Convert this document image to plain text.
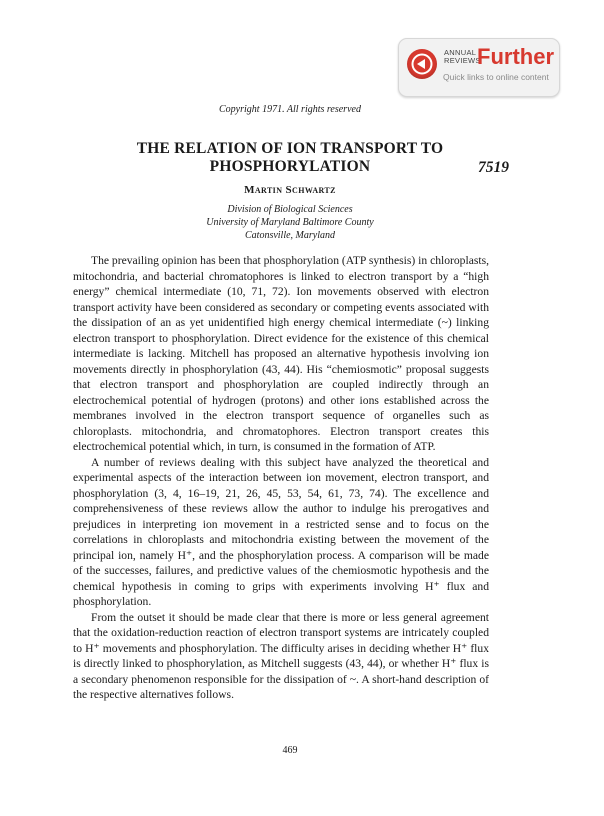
ANNUAL
REVIEWS
Further
Quick links to online content
Copyright 1971. All rights reserved
THE RELATION OF ION TRANSPORT TO PHOSPHORYLATION	7519
Martin Schwartz
Division of Biological Sciences
University of Maryland Baltimore County
Catonsville, Maryland

The prevailing opinion has been that phosphorylation (ATP synthesis) in chloroplasts, mitochondria, and bacterial chromatophores is linked to electron transport by a “high energy” chemical intermediate (10, 71, 72). Ion movements observed with electron transport activity have been considered as secondary or competing events associated with the dissipation of an as yet unidentified high energy chemical intermediate (~) linking electron transport to phosphorylation. Direct evidence for the existence of this chemical intermediate is lacking. Mitchell has proposed an alternative hypothesis involving ion movements directly in phosphorylation (43, 44). His “chemiosmotic” proposal suggests that electron transport and phosphorylation are coupled indirectly through an electrochemical potential of hydrogen (protons) and other ions established across the membranes involved in the electron transport sequence of organelles such as chloroplasts. mitochondria, and chromatophores. Electron transport creates this electrochemical potential which, in turn, is consumed in the formation of ATP.

A number of reviews dealing with this subject have analyzed the theoretical and experimental aspects of the interaction between ion movement, electron transport, and phosphorylation (3, 4, 16–19, 21, 26, 45, 53, 54, 61, 73, 74). The excellence and comprehensiveness of these reviews allow the author to indulge his prerogatives and prejudices in interpreting ion movement in a restricted sense and to focus on the correlations in chloroplasts and mitochondria existing between the movement of the principal ion, namely H⁺, and the phosphorylation process. A comparison will be made of the successes, failures, and predictive values of the chemiosmotic hypothesis and the chemical hypothesis in coming to grips with experiments involving H⁺ flux and phosphorylation.

From the outset it should be made clear that there is more or less general agreement that the oxidation-reduction reaction of electron transport systems are intricately coupled to H⁺ movements and phosphorylation. The difficulty arises in deciding whether H⁺ flux is directly linked to phosphorylation, as Mitchell suggests (43, 44), or whether H⁺ flux is a secondary phenomenon responsible for the dissipation of ~. A short-hand description of the respective alternatives follows.

469
